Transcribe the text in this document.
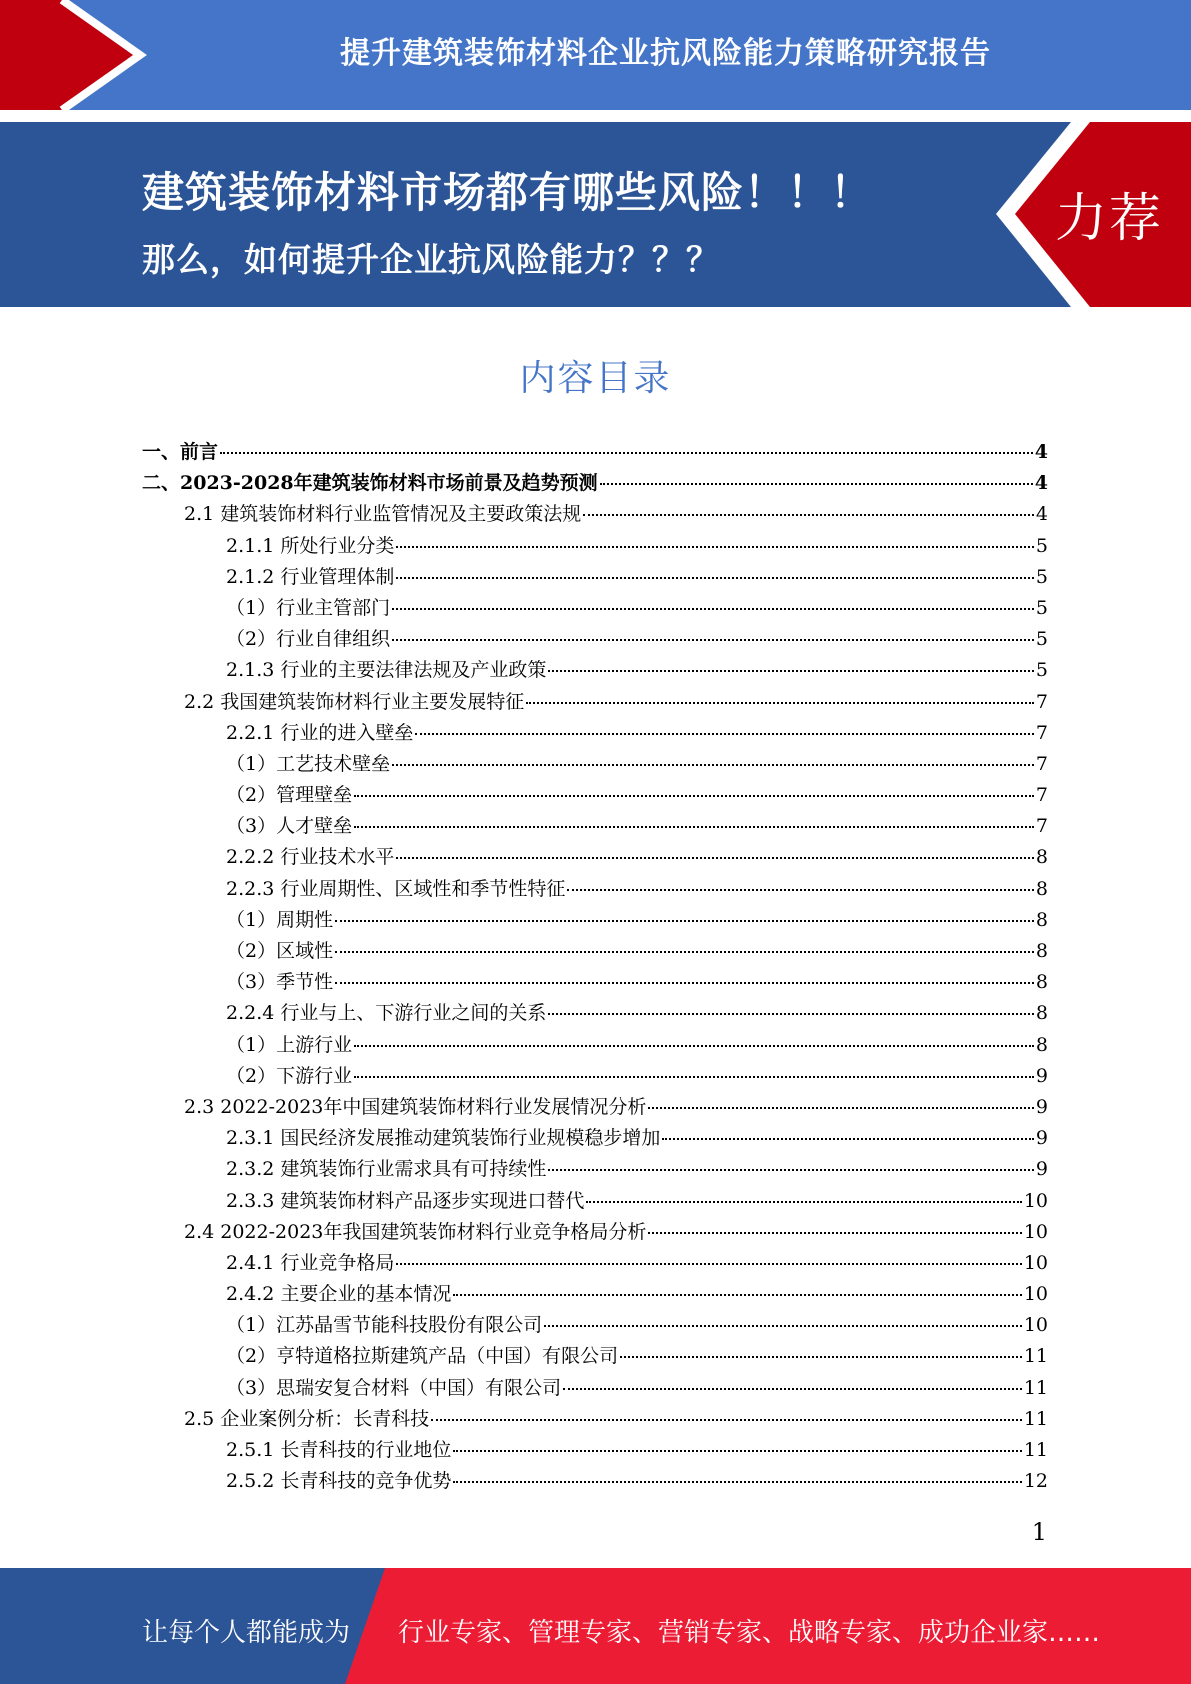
提升建筑装饰材料企业抗风险能力策略研究报告
建筑装饰材料市场都有哪些风险！！！
那么，如何提升企业抗风险能力？？？
力荐
内容目录
一、前言	4
二、2023-2028年建筑装饰材料市场前景及趋势预测	4
2.1 建筑装饰材料行业监管情况及主要政策法规	4
2.1.1 所处行业分类	5
2.1.2 行业管理体制	5
（1）行业主管部门	5
（2）行业自律组织	5
2.1.3 行业的主要法律法规及产业政策	5
2.2 我国建筑装饰材料行业主要发展特征	7
2.2.1 行业的进入壁垒	7
（1）工艺技术壁垒	7
（2）管理壁垒	7
（3）人才壁垒	7
2.2.2 行业技术水平	8
2.2.3 行业周期性、区域性和季节性特征	8
（1）周期性	8
（2）区域性	8
（3）季节性	8
2.2.4 行业与上、下游行业之间的关系	8
（1）上游行业	8
（2）下游行业	9
2.3 2022-2023年中国建筑装饰材料行业发展情况分析	9
2.3.1 国民经济发展推动建筑装饰行业规模稳步增加	9
2.3.2 建筑装饰行业需求具有可持续性	9
2.3.3 建筑装饰材料产品逐步实现进口替代	10
2.4 2022-2023年我国建筑装饰材料行业竞争格局分析	10
2.4.1 行业竞争格局	10
2.4.2 主要企业的基本情况	10
（1）江苏晶雪节能科技股份有限公司	10
（2）亨特道格拉斯建筑产品（中国）有限公司	11
（3）思瑞安复合材料（中国）有限公司	11
2.5 企业案例分析：长青科技	11
2.5.1 长青科技的行业地位	11
2.5.2 长青科技的竞争优势	12
1
让每个人都能成为 行业专家、管理专家、营销专家、战略专家、成功企业家……
